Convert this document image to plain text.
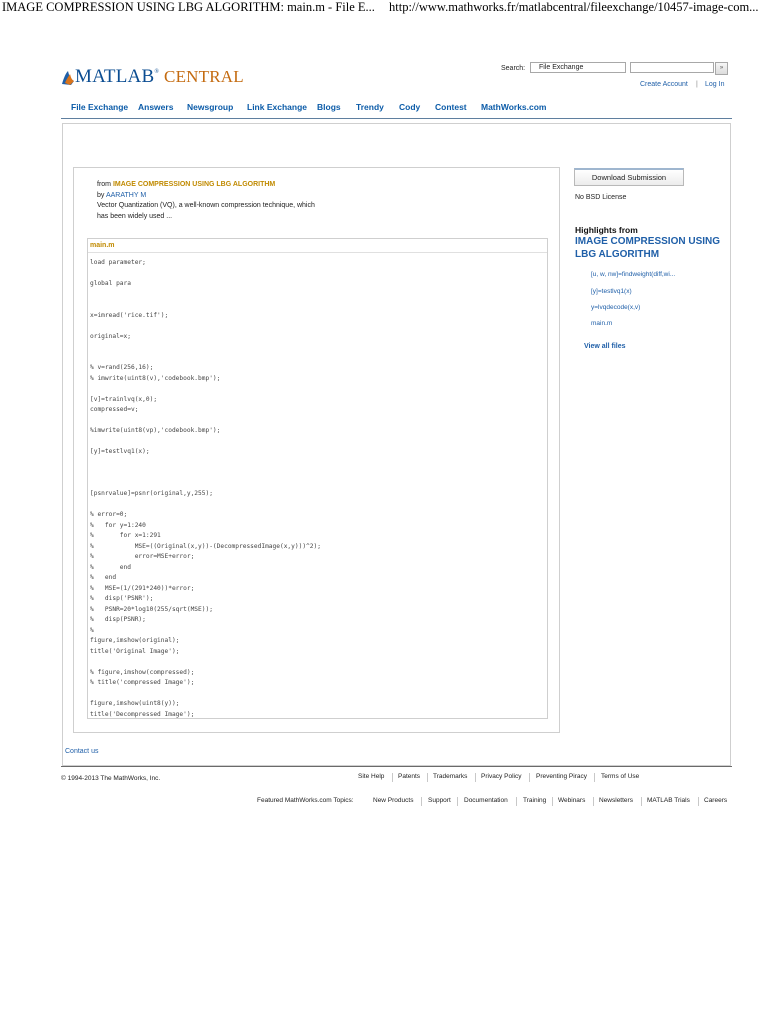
IMAGE COMPRESSION USING LBG ALGORITHM: main.m - File E... http://www.mathworks.fr/matlabcentral/fileexchange/10457-image-com...
MATLAB® CENTRAL	Search:	File Exchange	»
Create Account | Log In
File Exchange Answers Newsgroup Link Exchange Blogs Trendy Cody Contest MathWorks.com
from IMAGE COMPRESSION USING LBG ALGORITHM
by AARATHY M
Vector Quantization (VQ), a well-known compression technique, which has been widely used ...
main.m
load parameter;

global para

x=imread('rice.tif');

original=x;

% v=rand(256,16);
% imwrite(uint8(v),'codebook.bmp');

[v]=trainlvq(x,0);
compressed=v;

%imwrite(uint8(vp),'codebook.bmp');

[y]=testlvq1(x);

[psnrvalue]=psnr(original,y,255);

% error=0;
%   for y=1:240
%       for x=1:291
%           MSE=((Original(x,y))-(DecompressedImage(x,y)))^2);
%           error=MSE+error;
%       end
%   end
%   MSE=(1/(291*240))*error;
%   disp('PSNR');
%   PSNR=20*log10(255/sqrt(MSE));
%   disp(PSNR);
%
figure,imshow(original);
title('Original Image');

% figure,imshow(compressed);
% title('compressed Image');

figure,imshow(uint8(y));
title('Decompressed Image');
Download Submission
No BSD License
Highlights from
IMAGE COMPRESSION USING LBG ALGORITHM
[u, w, nw]=findweight(diff,wi...
[y]=testlvq1(x)
y=lvqdecode(x,v)
main.m
View all files
Contact us
© 1994-2013 The MathWorks, Inc.	Site Help Patents Trademarks Privacy Policy Preventing Piracy Terms of Use
Featured MathWorks.com Topics:	New Products Support Documentation Training Webinars Newsletters MATLAB Trials Careers
